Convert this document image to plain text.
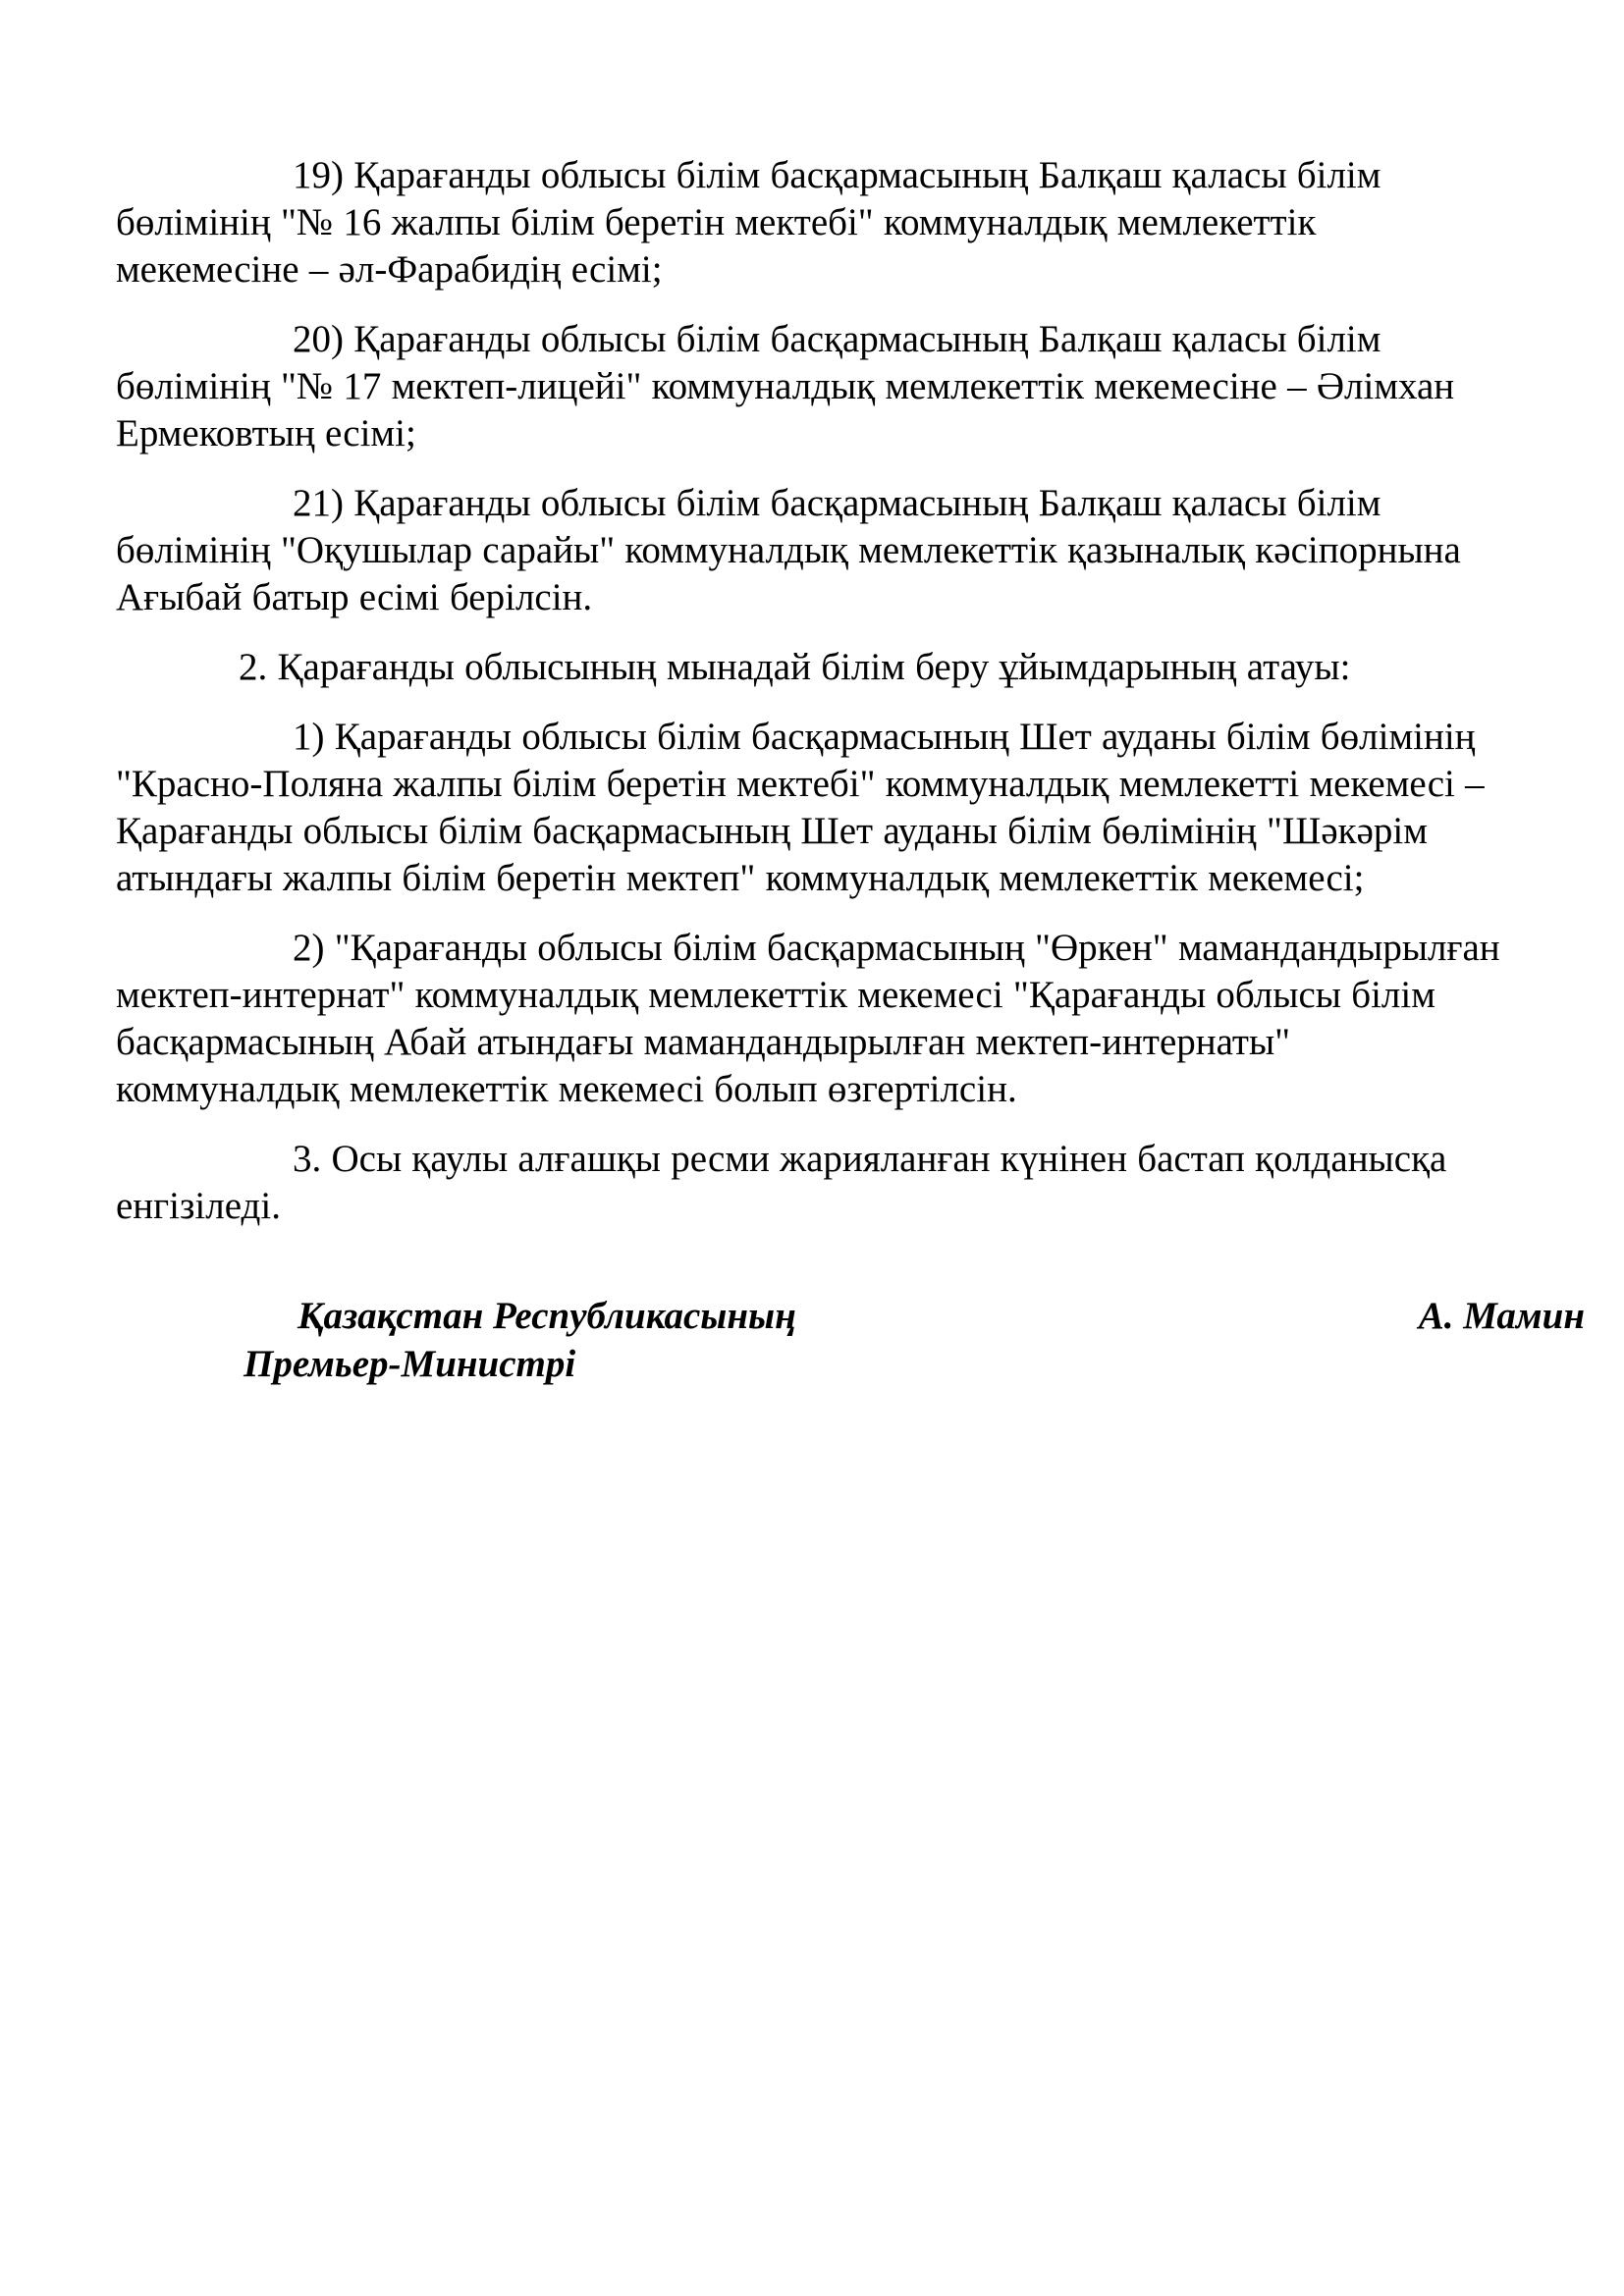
19) Қарағанды облысы білім басқармасының Балқаш қаласы білім бөлімінің "№ 16 жалпы білім беретін мектебі" коммуналдық мемлекеттік мекемесіне – әл-Фарабидің есімі;

20) Қарағанды облысы білім басқармасының Балқаш қаласы білім бөлімінің "№ 17 мектеп-лицейі" коммуналдық мемлекеттік мекемесіне – Әлімхан Ермековтың есімі;

21) Қарағанды облысы білім басқармасының Балқаш қаласы білім бөлімінің "Оқушылар сарайы" коммуналдық мемлекеттік қазыналық кәсіпорнына Ағыбай батыр есімі берілсін.

2. Қарағанды облысының мынадай білім беру ұйымдарының атауы:

1) Қарағанды облысы білім басқармасының Шет ауданы білім бөлімінің "Красно-Поляна жалпы білім беретін мектебі" коммуналдық мемлекетті мекемесі – Қарағанды облысы білім басқармасының Шет ауданы білім бөлімінің "Шәкәрім атындағы жалпы білім беретін мектеп" коммуналдық мемлекеттік мекемесі;

2) "Қарағанды облысы білім басқармасының "Өркен" мамандандырылған мектеп-интернат" коммуналдық мемлекеттік мекемесі "Қарағанды облысы білім басқармасының Абай атындағы мамандандырылған мектеп-интернаты" коммуналдық мемлекеттік мекемесі болып өзгертілсін.

3. Осы қаулы алғашқы ресми жарияланған күнінен бастап қолданысқа енгізіледі.

Қазақстан Республикасының
Премьер-Министрі
А. Мамин
